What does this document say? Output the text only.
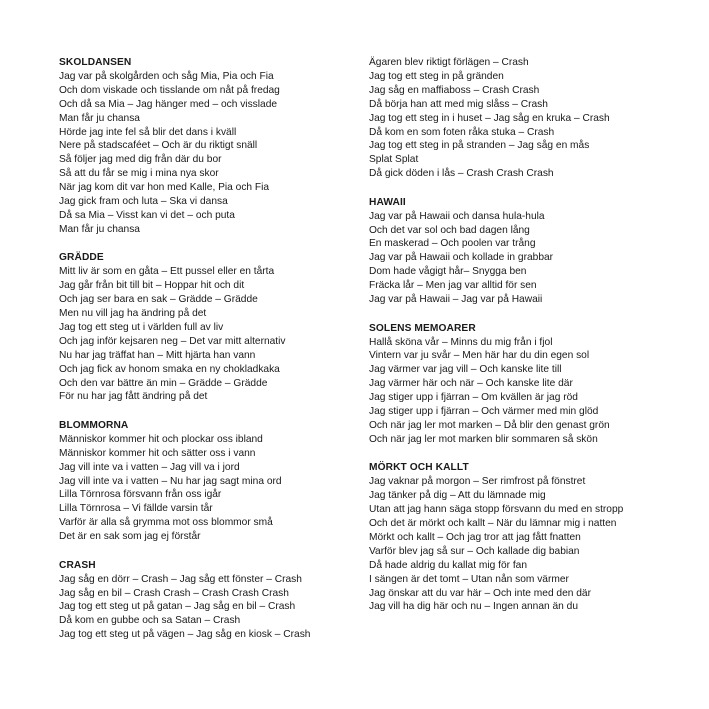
SKOLDANSEN
Jag var på skolgården och såg Mia, Pia och Fia
Och dom viskade och tisslande om nåt på fredag
Och då sa Mia – Jag hänger med – och visslade
Man får ju chansa
Hörde jag inte fel så blir det dans i kväll
Nere på stadscaféet – Och är du riktigt snäll
Så följer jag med dig från där du bor
Så att du får se mig i mina nya skor
När jag kom dit var hon med Kalle, Pia och Fia
Jag gick fram och luta – Ska vi dansa
Då sa Mia – Visst kan vi det – och puta
Man får ju chansa
GRÄDDE
Mitt liv är som en gåta – Ett pussel eller en tårta
Jag går från bit till bit – Hoppar hit och dit
Och jag ser bara en sak – Grädde – Grädde
Men nu vill jag ha ändring på det
Jag tog ett steg ut i världen full av liv
Och jag inför kejsaren neg – Det var mitt alternativ
Nu har jag träffat han – Mitt hjärta han vann
Och jag fick av honom smaka en ny chokladkaka
Och den var bättre än min – Grädde – Grädde
För nu har jag fått ändring på det
BLOMMORNA
Människor kommer hit och plockar oss ibland
Människor kommer hit och sätter oss i vann
Jag vill inte va i vatten – Jag vill va i jord
Jag vill inte va i vatten – Nu har jag sagt mina ord
Lilla Törnrosa försvann från oss igår
Lilla Törnrosa – Vi fällde varsin tår
Varför är alla så grymma mot oss blommor små
Det är en sak som jag ej förstår
CRASH
Jag såg en dörr – Crash – Jag såg ett fönster – Crash
Jag såg en bil – Crash Crash – Crash Crash Crash
Jag tog ett steg ut på gatan – Jag såg en bil – Crash
Då kom en gubbe och sa Satan – Crash
Jag tog ett steg ut på vägen – Jag såg en kiosk – Crash
Ägaren blev riktigt förlägen – Crash
Jag tog ett steg in på gränden
Jag såg en maffiaboss – Crash Crash
Då börja han att med mig slåss – Crash
Jag tog ett steg in i huset – Jag såg en kruka – Crash
Då kom en som foten råka stuka – Crash
Jag tog ett steg in på stranden – Jag såg en mås
Splat Splat
Då gick döden i lås – Crash Crash Crash
HAWAII
Jag var på Hawaii och dansa hula-hula
Och det var sol och bad dagen lång
En maskerad – Och poolen var trång
Jag var på Hawaii och kollade in grabbar
Dom hade vågigt hår– Snygga ben
Fräcka lår – Men jag var alltid för sen
Jag var på Hawaii – Jag var på Hawaii
SOLENS MEMOARER
Hallå sköna vår – Minns du mig från i fjol
Vintern var ju svår – Men här har du din egen sol
Jag värmer var jag vill – Och kanske lite till
Jag värmer här och när – Och kanske lite där
Jag stiger upp i fjärran – Om kvällen är jag röd
Jag stiger upp i fjärran – Och värmer med min glöd
Och när jag ler mot marken – Då blir den genast grön
Och när jag ler mot marken blir sommaren så skön
MÖRKT OCH KALLT
Jag vaknar på morgon – Ser rimfrost på fönstret
Jag tänker på dig – Att du lämnade mig
Utan att jag hann säga stopp försvann du med en stropp
Och det är mörkt och kallt – När du lämnar mig i natten
Mörkt och kallt – Och jag tror att jag fått fnatten
Varför blev jag så sur – Och kallade dig babian
Då hade aldrig du kallat mig för fan
I sängen är det tomt – Utan nån som värmer
Jag önskar att du var här – Och inte med den där
Jag vill ha dig här och nu – Ingen annan än du
